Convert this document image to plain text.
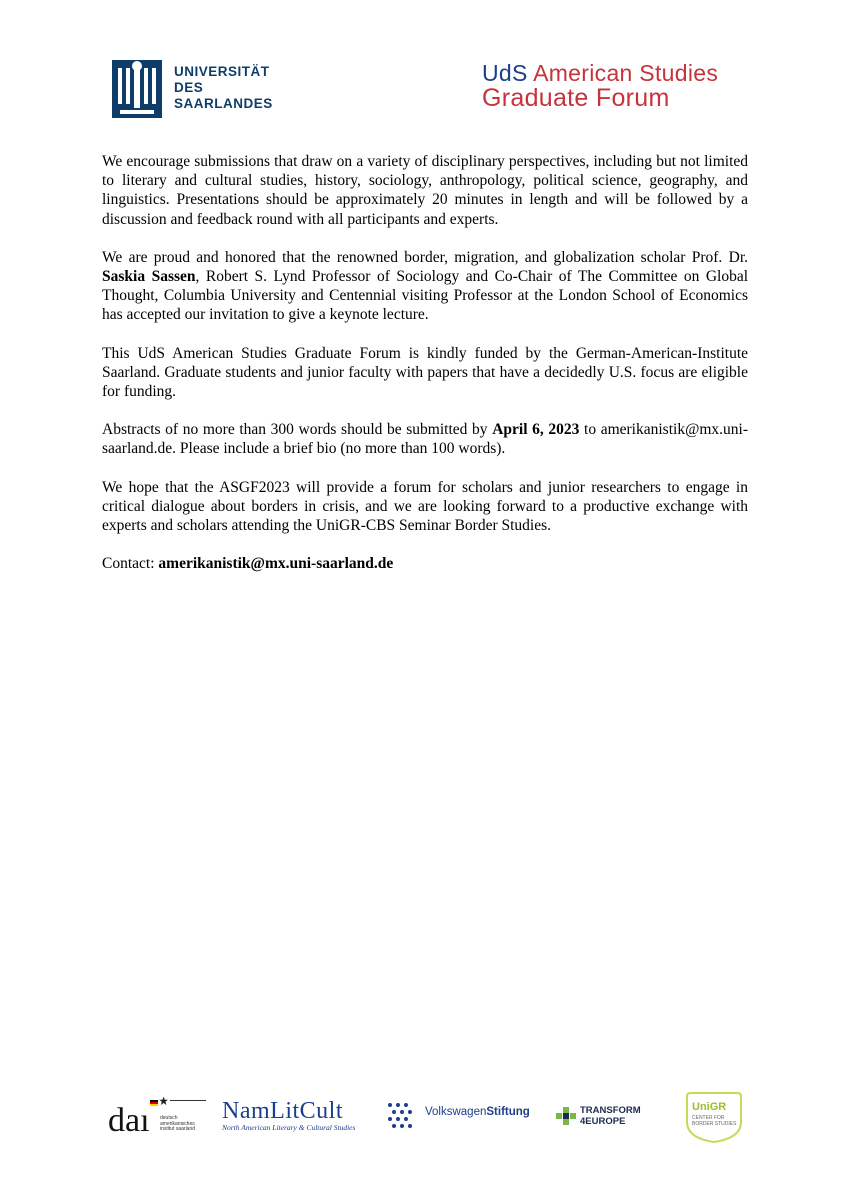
UNIVERSITÄT
DES
SAARLANDES
UdS American Studies
Graduate Forum

We encourage submissions that draw on a variety of disciplinary perspectives, including but not limited to literary and cultural studies, history, sociology, anthropology, political science, geography, and linguistics. Presentations should be approximately 20 minutes in length and will be followed by a discussion and feedback round with all participants and experts.

We are proud and honored that the renowned border, migration, and globalization scholar Prof. Dr. Saskia Sassen, Robert S. Lynd Professor of Sociology and Co-Chair of The Committee on Global Thought, Columbia University and Centennial visiting Professor at the London School of Economics has accepted our invitation to give a keynote lecture.

This UdS American Studies Graduate Forum is kindly funded by the German-American-Institute Saarland. Graduate students and junior faculty with papers that have a decidedly U.S. focus are eligible for funding.

Abstracts of no more than 300 words should be submitted by April 6, 2023 to amerikanistik@mx.uni-saarland.de. Please include a brief bio (no more than 100 words).

We hope that the ASGF2023 will provide a forum for scholars and junior researchers to engage in critical dialogue about borders in crisis, and we are looking forward to a productive exchange with experts and scholars attending the UniGR-CBS Seminar Border Studies.

Contact: amerikanistik@mx.uni-saarland.de

daı deutsch amerikanisches institut saarland
NamLitCult
North American Literary & Cultural Studies
VolkswagenStiftung	TRANSFORM
4EUROPE
UniGR
CENTER FOR BORDER STUDIES
